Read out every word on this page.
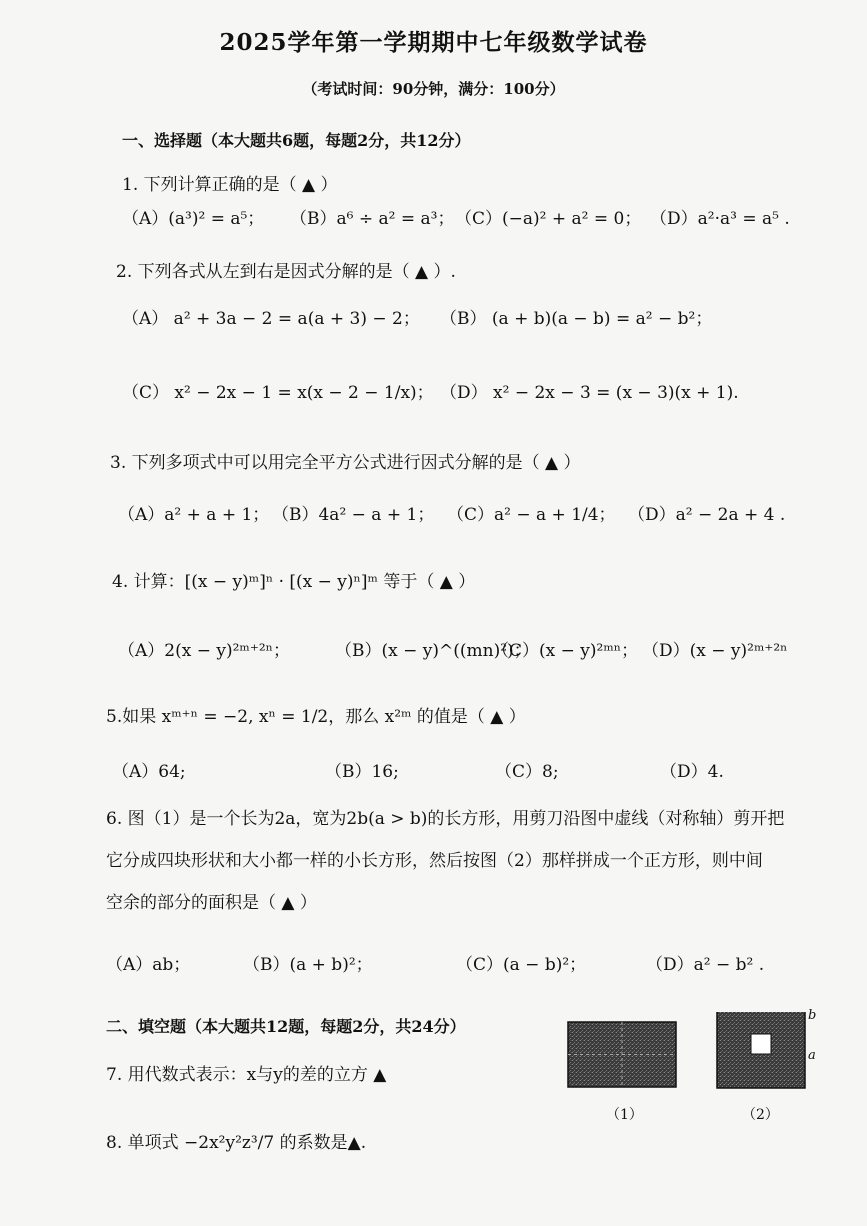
2025学年第一学期期中七年级数学试卷
（考试时间：90分钟，满分：100分）
一、选择题（本大题共6题，每题2分，共12分）
1. 下列计算正确的是（ ▲ ）
（A）(a³)² = a⁵； （B）a⁶ ÷ a² = a³； （C）(−a)² + a² = 0； （D）a²·a³ = a⁵ .
2. 下列各式从左到右是因式分解的是（ ▲ ）.
（A） a² + 3a − 2 = a(a + 3) − 2； （B） (a + b)(a − b) = a² − b²；
（C） x² − 2x − 1 = x(x − 2 − 1/x)； （D） x² − 2x − 3 = (x − 3)(x + 1).
3. 下列多项式中可以用完全平方公式进行因式分解的是（ ▲ ）
（A）a² + a + 1； （B）4a² − a + 1； （C）a² − a + 1/4； （D）a² − 2a + 4 .
4. 计算：[(x − y)ᵐ]ⁿ · [(x − y)ⁿ]ᵐ 等于（ ▲ ）
（A）2(x − y)²ᵐ⁺²ⁿ；	（B）(x − y)^((mn)²)；
（C）(x − y)²ᵐⁿ； （D）(x − y)²ᵐ⁺²ⁿ
5.如果 xᵐ⁺ⁿ = −2, xⁿ = 1/2，那么 x²ᵐ 的值是（ ▲ ）
（A）64;	（B）16;	（C）8;	（D）4.
6. 图（1）是一个长为2a，宽为2b(a > b)的长方形，用剪刀沿图中虚线（对称轴）剪开把
它分成四块形状和大小都一样的小长方形，然后按图（2）那样拼成一个正方形，则中间
空余的部分的面积是（ ▲ ）
（A）ab；	（B）(a + b)²；	（C）(a − b)²；	（D）a² − b² .
二、填空题（本大题共12题，每题2分，共24分）
7. 用代数式表示：x与y的差的立方 ▲
8. 单项式 −2x²y²z³/7 的系数是▲.
b
a
（1）	（2）
